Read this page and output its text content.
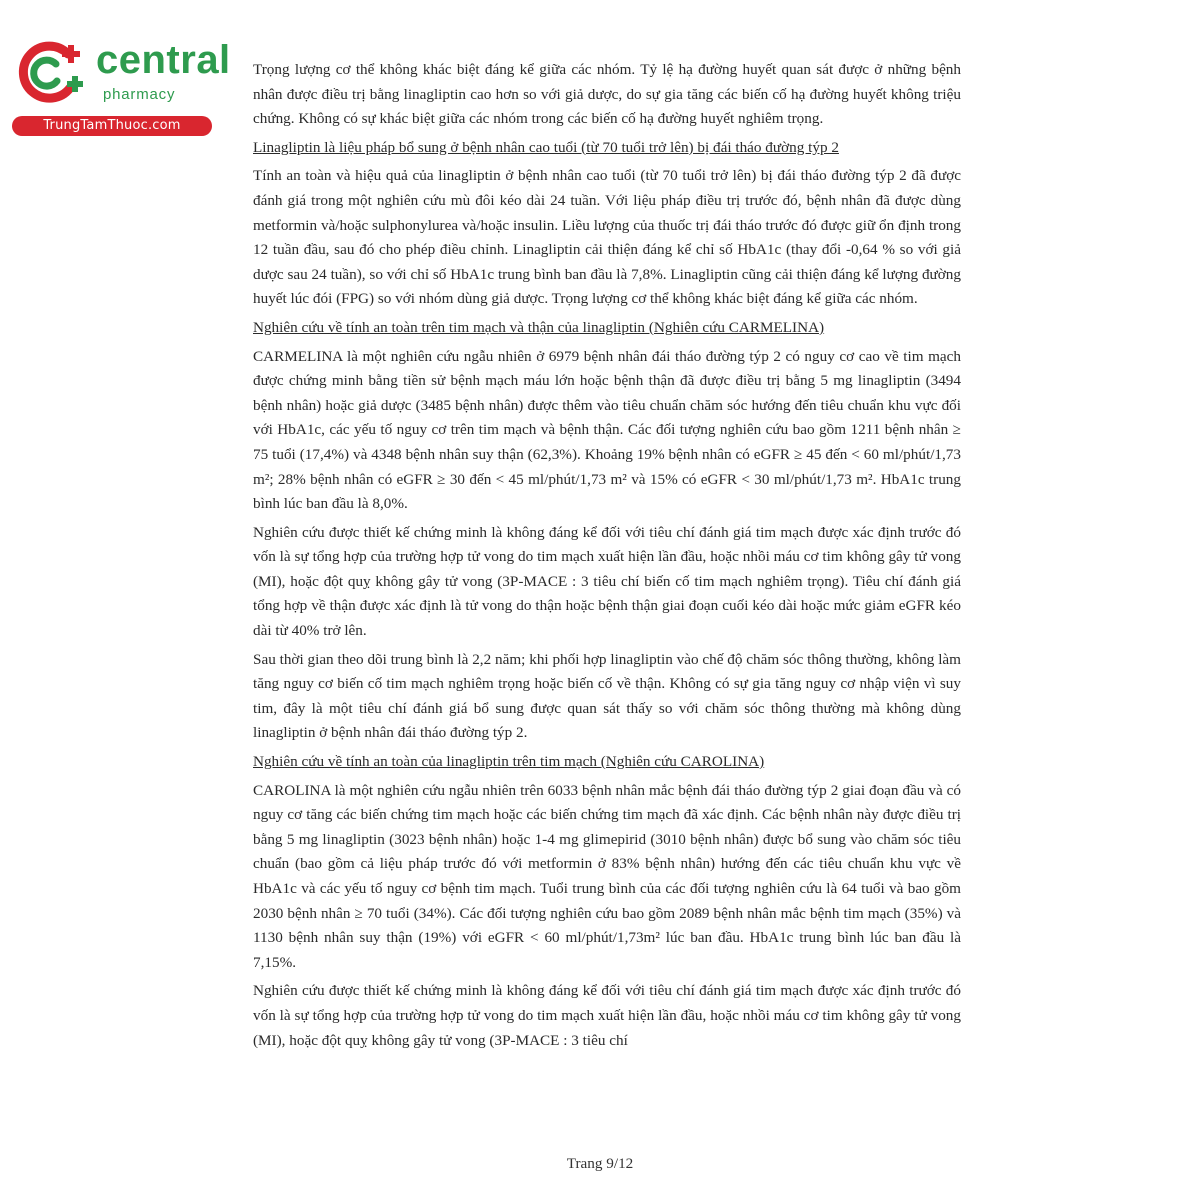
central
pharmacy
TrungTamThuoc.com

Trọng lượng cơ thể không khác biệt đáng kể giữa các nhóm. Tỷ lệ hạ đường huyết quan sát được ở những bệnh nhân được điều trị bằng linagliptin cao hơn so với giả dược, do sự gia tăng các biến cố hạ đường huyết không triệu chứng. Không có sự khác biệt giữa các nhóm trong các biến cố hạ đường huyết nghiêm trọng.

Linagliptin là liệu pháp bổ sung ở bệnh nhân cao tuổi (từ 70 tuổi trở lên) bị đái tháo đường týp 2

Tính an toàn và hiệu quả của linagliptin ở bệnh nhân cao tuổi (từ 70 tuổi trở lên) bị đái tháo đường týp 2 đã được đánh giá trong một nghiên cứu mù đôi kéo dài 24 tuần. Với liệu pháp điều trị trước đó, bệnh nhân đã được dùng metformin và/hoặc sulphonylurea và/hoặc insulin. Liều lượng của thuốc trị đái tháo trước đó được giữ ổn định trong 12 tuần đầu, sau đó cho phép điều chỉnh. Linagliptin cải thiện đáng kể chỉ số HbA1c (thay đổi -0,64 % so với giả dược sau 24 tuần), so với chỉ số HbA1c trung bình ban đầu là 7,8%. Linagliptin cũng cải thiện đáng kể lượng đường huyết lúc đói (FPG) so với nhóm dùng giả dược. Trọng lượng cơ thể không khác biệt đáng kể giữa các nhóm.

Nghiên cứu về tính an toàn trên tim mạch và thận của linagliptin (Nghiên cứu CARMELINA)

CARMELINA là một nghiên cứu ngẫu nhiên ở 6979 bệnh nhân đái tháo đường týp 2 có nguy cơ cao về tim mạch được chứng minh bằng tiền sử bệnh mạch máu lớn hoặc bệnh thận đã được điều trị bằng 5 mg linagliptin (3494 bệnh nhân) hoặc giả dược (3485 bệnh nhân) được thêm vào tiêu chuẩn chăm sóc hướng đến tiêu chuẩn khu vực đối với HbA1c, các yếu tố nguy cơ trên tim mạch và bệnh thận. Các đối tượng nghiên cứu bao gồm 1211 bệnh nhân ≥ 75 tuổi (17,4%) và 4348 bệnh nhân suy thận (62,3%). Khoảng 19% bệnh nhân có eGFR ≥ 45 đến < 60 ml/phút/1,73 m²; 28% bệnh nhân có eGFR ≥ 30 đến < 45 ml/phút/1,73 m² và 15% có eGFR < 30 ml/phút/1,73 m². HbA1c trung bình lúc ban đầu là 8,0%.

Nghiên cứu được thiết kế chứng minh là không đáng kể đối với tiêu chí đánh giá tim mạch được xác định trước đó vốn là sự tổng hợp của trường hợp tử vong do tim mạch xuất hiện lần đầu, hoặc nhồi máu cơ tim không gây tử vong (MI), hoặc đột quỵ không gây tử vong (3P-MACE : 3 tiêu chí biến cố tim mạch nghiêm trọng). Tiêu chí đánh giá tổng hợp về thận được xác định là tử vong do thận hoặc bệnh thận giai đoạn cuối kéo dài hoặc mức giảm eGFR kéo dài từ 40% trở lên.

Sau thời gian theo dõi trung bình là 2,2 năm; khi phối hợp linagliptin vào chế độ chăm sóc thông thường, không làm tăng nguy cơ biến cố tim mạch nghiêm trọng hoặc biến cố về thận. Không có sự gia tăng nguy cơ nhập viện vì suy tim, đây là một tiêu chí đánh giá bổ sung được quan sát thấy so với chăm sóc thông thường mà không dùng linagliptin ở bệnh nhân đái tháo đường týp 2.

Nghiên cứu về tính an toàn của linagliptin trên tim mạch (Nghiên cứu CAROLINA)

CAROLINA là một nghiên cứu ngẫu nhiên trên 6033 bệnh nhân mắc bệnh đái tháo đường týp 2 giai đoạn đầu và có nguy cơ tăng các biến chứng tim mạch hoặc các biến chứng tim mạch đã xác định. Các bệnh nhân này được điều trị bằng 5 mg linagliptin (3023 bệnh nhân) hoặc 1-4 mg glimepirid (3010 bệnh nhân) được bổ sung vào chăm sóc tiêu chuẩn (bao gồm cả liệu pháp trước đó với metformin ở 83% bệnh nhân) hướng đến các tiêu chuẩn khu vực về HbA1c và các yếu tố nguy cơ bệnh tim mạch. Tuổi trung bình của các đối tượng nghiên cứu là 64 tuổi và bao gồm 2030 bệnh nhân ≥ 70 tuổi (34%). Các đối tượng nghiên cứu bao gồm 2089 bệnh nhân mắc bệnh tim mạch (35%) và 1130 bệnh nhân suy thận (19%) với eGFR < 60 ml/phút/1,73m² lúc ban đầu. HbA1c trung bình lúc ban đầu là 7,15%.

Nghiên cứu được thiết kế chứng minh là không đáng kể đối với tiêu chí đánh giá tim mạch được xác định trước đó vốn là sự tổng hợp của trường hợp tử vong do tim mạch xuất hiện lần đầu, hoặc nhồi máu cơ tim không gây tử vong (MI), hoặc đột quỵ không gây tử vong (3P-MACE : 3 tiêu chí

Trang 9/12
